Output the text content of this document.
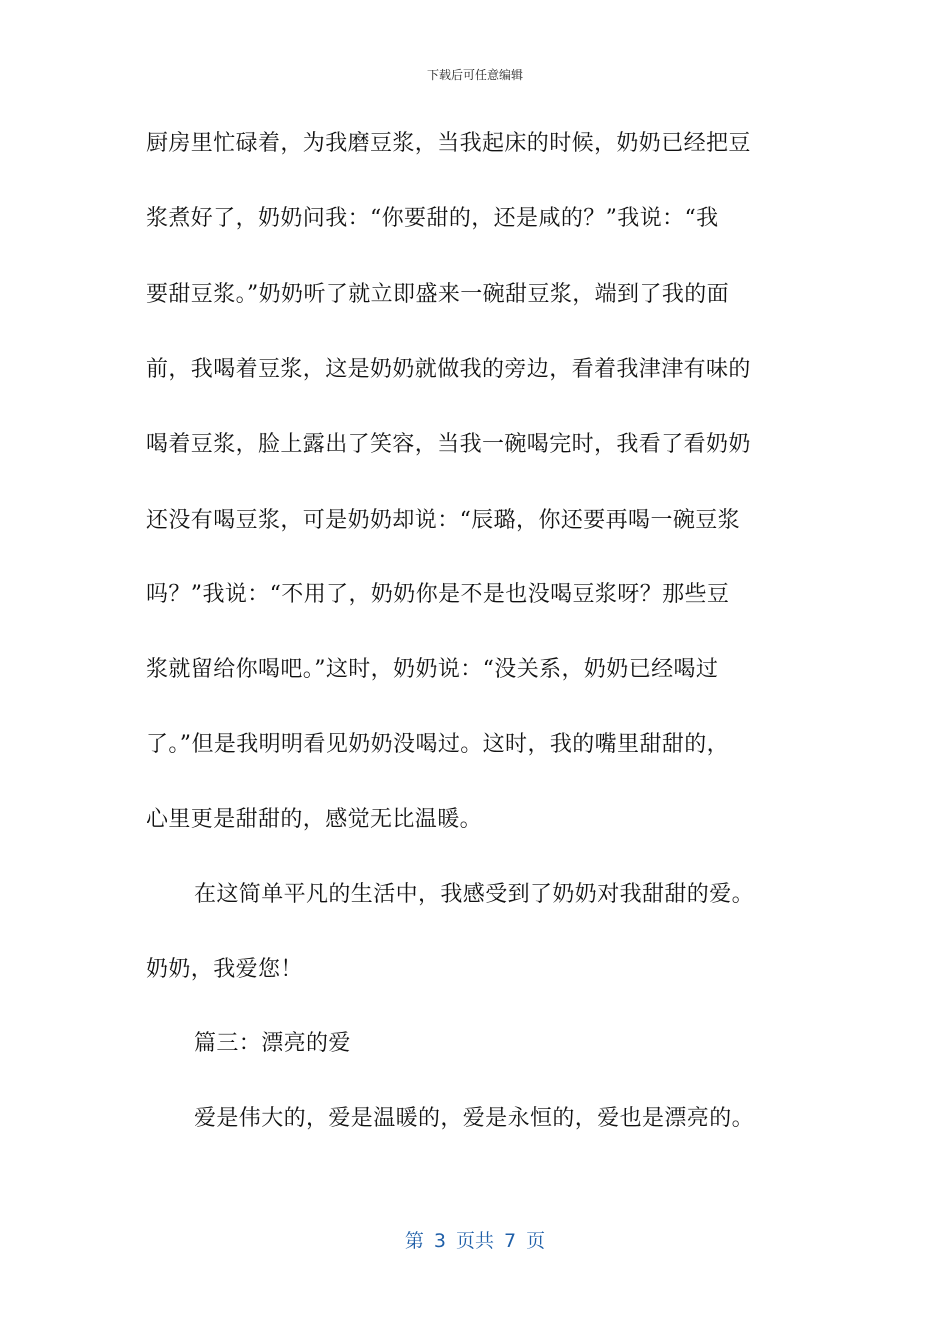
下载后可任意编辑
厨房里忙碌着，为我磨豆浆，当我起床的时候，奶奶已经把豆
浆煮好了，奶奶问我：“你要甜的，还是咸的？”我说：“我
要甜豆浆。”奶奶听了就立即盛来一碗甜豆浆，端到了我的面
前，我喝着豆浆，这是奶奶就做我的旁边，看着我津津有味的
喝着豆浆，脸上露出了笑容，当我一碗喝完时，我看了看奶奶
还没有喝豆浆，可是奶奶却说：“辰璐，你还要再喝一碗豆浆
吗？”我说：“不用了，奶奶你是不是也没喝豆浆呀？那些豆
浆就留给你喝吧。”这时，奶奶说：“没关系，奶奶已经喝过
了。”但是我明明看见奶奶没喝过。这时，我的嘴里甜甜的，
心里更是甜甜的，感觉无比温暖。
在这简单平凡的生活中，我感受到了奶奶对我甜甜的爱。
奶奶，我爱您！
篇三：漂亮的爱
爱是伟大的，爱是温暖的，爱是永恒的，爱也是漂亮的。
第 3 页共 7 页
